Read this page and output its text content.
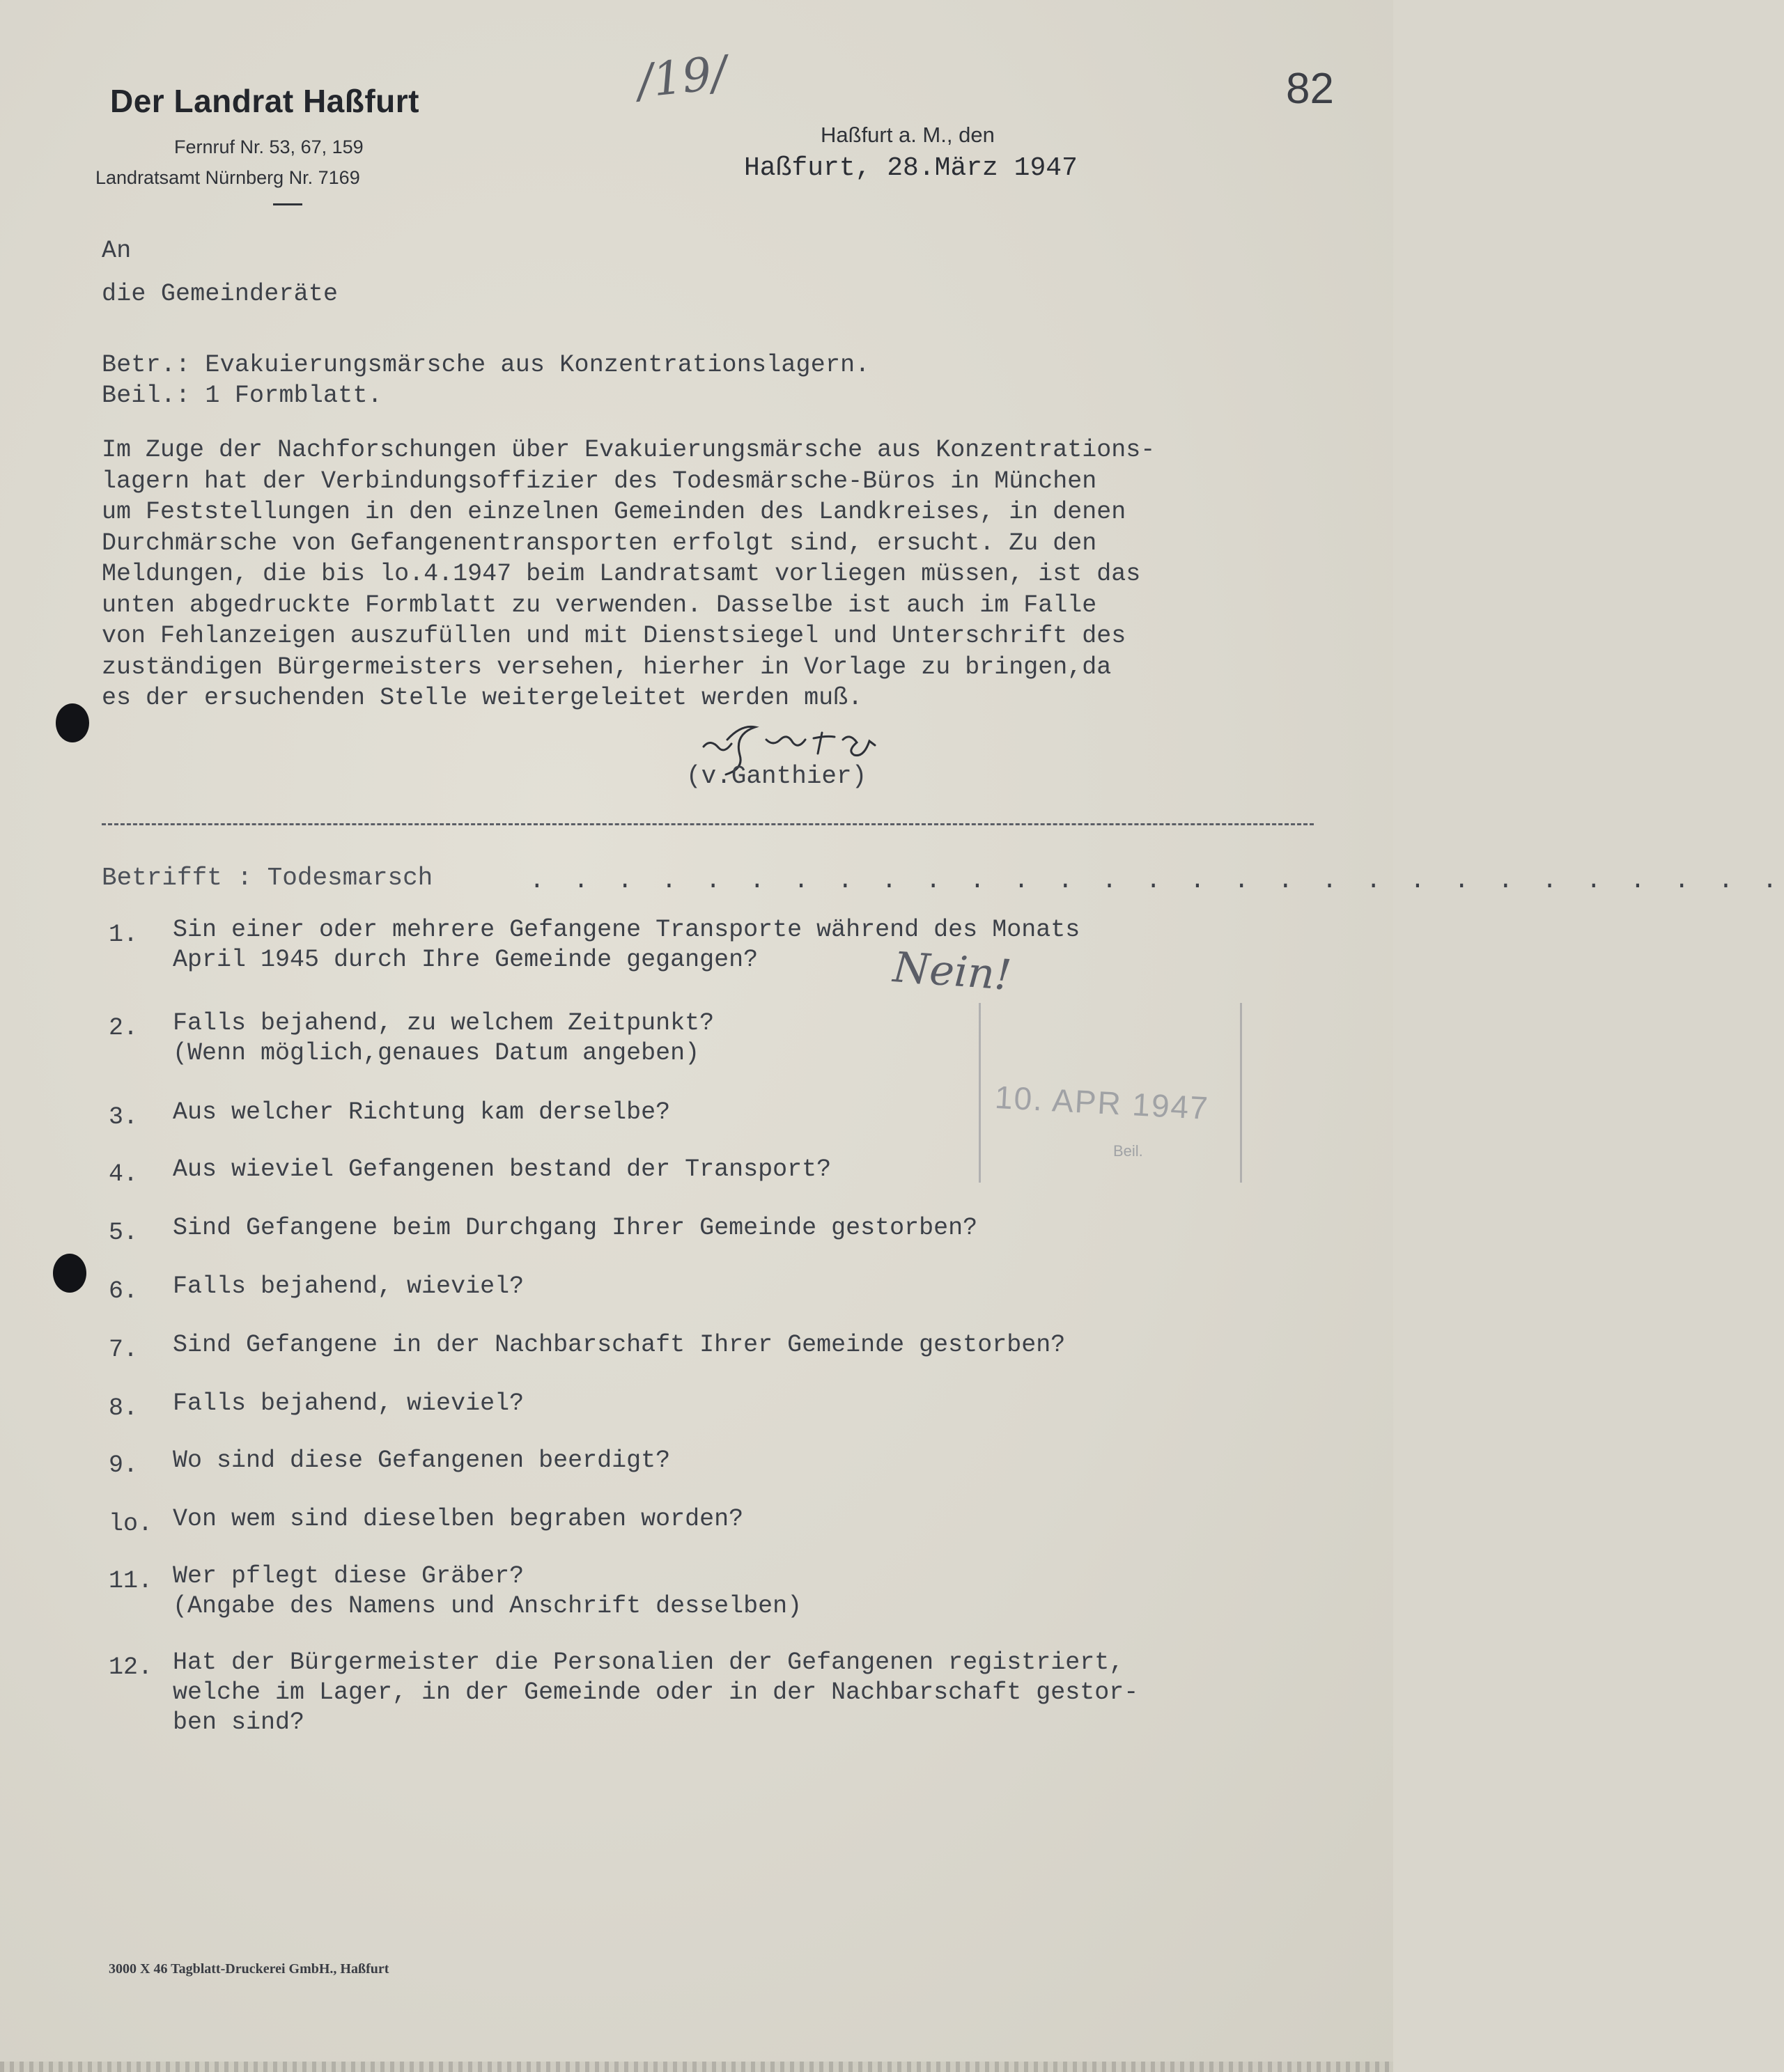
Der Landrat Haßfurt
Fernruf Nr. 53, 67, 159
Landratsamt Nürnberg Nr. 7169
/19/	82
Haßfurt a. M., den
Haßfurt, 28.März 1947
An
die Gemeinderäte
Betr.: Evakuierungsmärsche aus Konzentrationslagern.
Beil.: 1 Formblatt.
Im Zuge der Nachforschungen über Evakuierungsmärsche aus Konzentrations-
lagern hat der Verbindungsoffizier des Todesmärsche-Büros in München
um Feststellungen in den einzelnen Gemeinden des Landkreises, in denen
Durchmärsche von Gefangenentransporten erfolgt sind, ersucht. Zu den
Meldungen, die bis lo.4.1947 beim Landratsamt vorliegen müssen, ist das
unten abgedruckte Formblatt zu verwenden. Dasselbe ist auch im Falle
von Fehlanzeigen auszufüllen und mit Dienstsiegel und Unterschrift des
zuständigen Bürgermeisters versehen, hierher in Vorlage zu bringen,da
es der ersuchenden Stelle weitergeleitet werden muß.
(v.Ganthier)
Betrifft : Todesmarsch	. . . . . . . . . . . . . . . . . . . . . . . . . . . . .
1. Sin einer oder mehrere Gefangene Transporte während des Monats
April 1945 durch Ihre Gemeinde gegangen?
2. Falls bejahend, zu welchem Zeitpunkt?
(Wenn möglich,genaues Datum angeben)
3. Aus welcher Richtung kam derselbe?
4. Aus wieviel Gefangenen bestand der Transport?
5. Sind Gefangene beim Durchgang Ihrer Gemeinde gestorben?
6. Falls bejahend, wieviel?
7. Sind Gefangene in der Nachbarschaft Ihrer Gemeinde gestorben?
8. Falls bejahend, wieviel?
9. Wo sind diese Gefangenen beerdigt?
lo. Von wem sind dieselben begraben worden?
11. Wer pflegt diese Gräber?
(Angabe des Namens und Anschrift desselben)
12. Hat der Bürgermeister die Personalien der Gefangenen registriert,
welche im Lager, in der Gemeinde oder in der Nachbarschaft gestor-
ben sind?
Nein!
10. APR 1947
Beil.
3000 X 46 Tagblatt-Druckerei GmbH., Haßfurt
